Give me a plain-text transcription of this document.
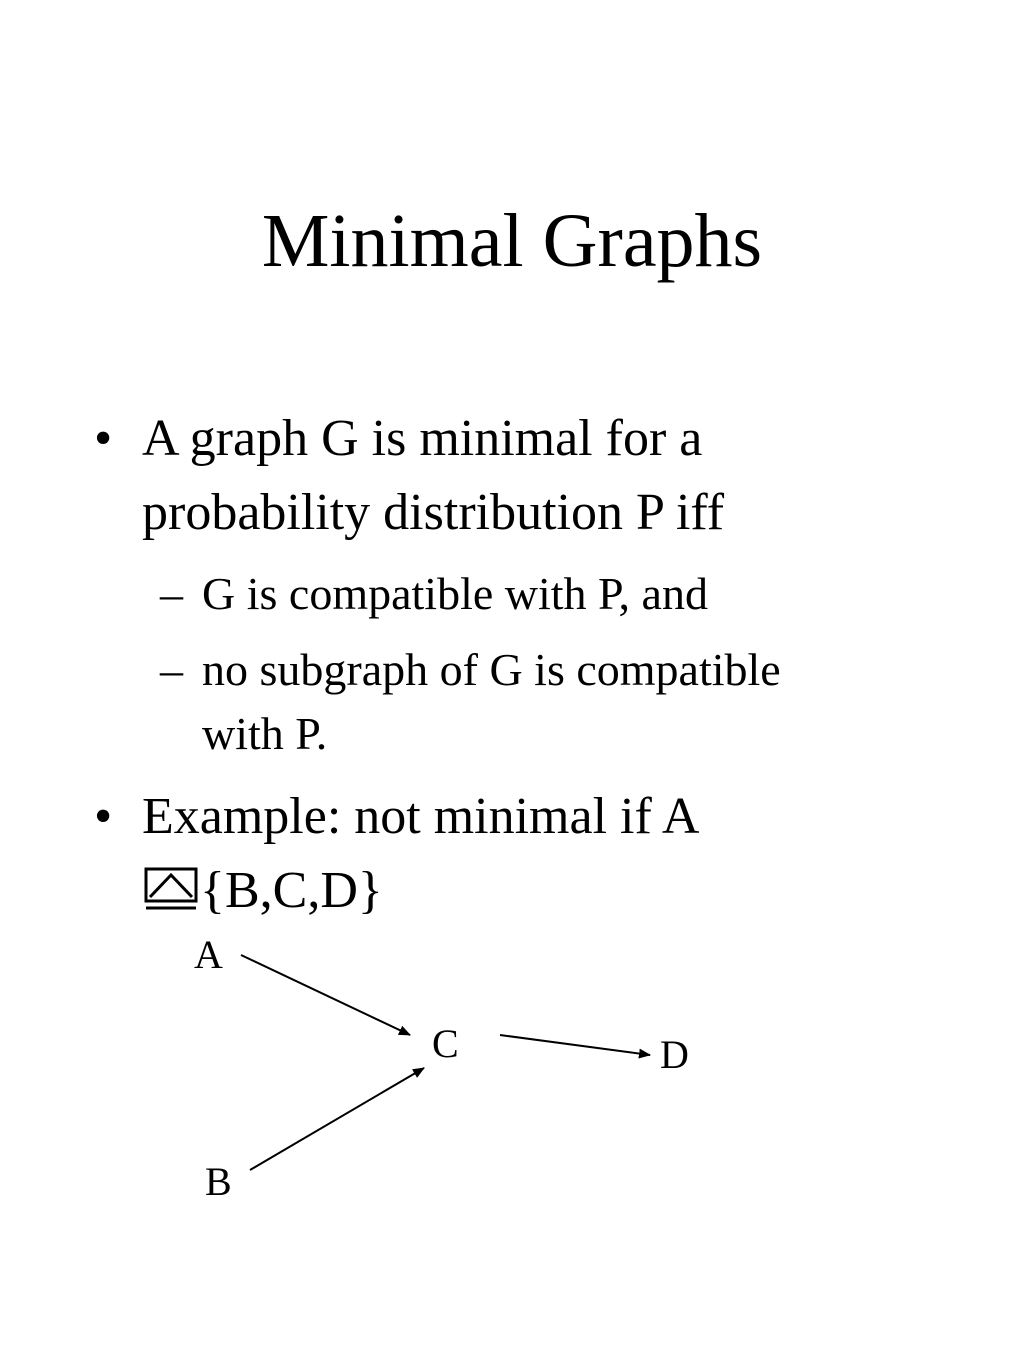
Minimal Graphs
• A graph G is minimal for a
probability distribution P iff
– G is compatible with P, and
– no subgraph of G is compatible
with P.
• Example: not minimal if A
{B,C,D}
A
B
C	D
